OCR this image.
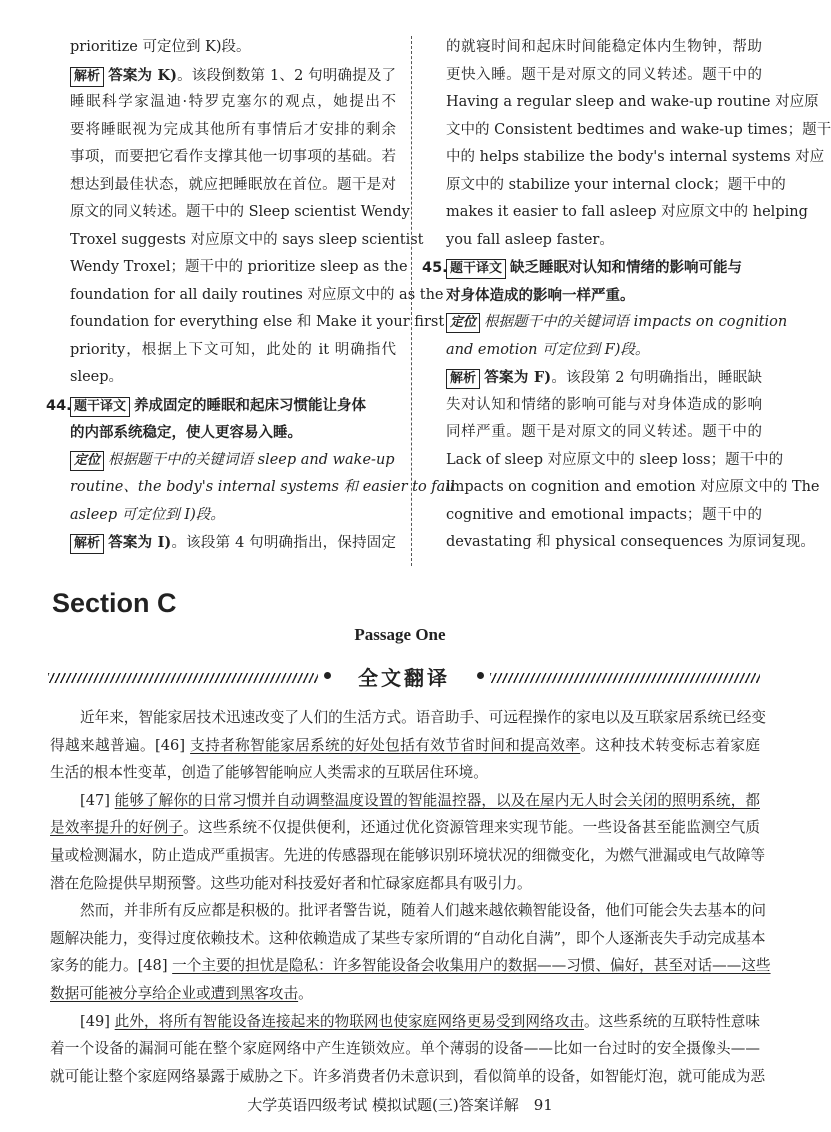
prioritize 可定位到 K)段。
解析 答案为 K)。该段倒数第 1、2 句明确提及了
睡眠科学家温迪·特罗克塞尔的观点，她提出不
要将睡眠视为完成其他所有事情后才安排的剩余
事项，而要把它看作支撑其他一切事项的基础。若
想达到最佳状态，就应把睡眠放在首位。题干是对
原文的同义转述。题干中的 Sleep scientist Wendy
Troxel suggests 对应原文中的 says sleep scientist
Wendy Troxel；题干中的 prioritize sleep as the
foundation for all daily routines 对应原文中的 as the
foundation for everything else 和 Make it your first
priority，根据上下文可知，此处的 it 明确指代
sleep。
44. 题干译文 养成固定的睡眠和起床习惯能让身体
的内部系统稳定，使人更容易入睡。
定位 根据题干中的关键词语 sleep and wake-up
routine、the body's internal systems 和 easier to fall
asleep 可定位到 I)段。
解析 答案为 I)。该段第 4 句明确指出，保持固定
的就寝时间和起床时间能稳定体内生物钟，帮助
更快入睡。题干是对原文的同义转述。题干中的
Having a regular sleep and wake-up routine 对应原
文中的 Consistent bedtimes and wake-up times；题干
中的 helps stabilize the body's internal systems 对应
原文中的 stabilize your internal clock；题干中的
makes it easier to fall asleep 对应原文中的 helping
you fall asleep faster。
45. 题干译文 缺乏睡眠对认知和情绪的影响可能与
对身体造成的影响一样严重。
定位 根据题干中的关键词语 impacts on cognition
and emotion 可定位到 F)段。
解析 答案为 F)。该段第 2 句明确指出，睡眠缺
失对认知和情绪的影响可能与对身体造成的影响
同样严重。题干是对原文的同义转述。题干中的
Lack of sleep 对应原文中的 sleep loss；题干中的
impacts on cognition and emotion 对应原文中的 The
cognitive and emotional impacts；题干中的
devastating 和 physical consequences 为原词复现。
Section C
Passage One
全文翻译
近年来，智能家居技术迅速改变了人们的生活方式。语音助手、可远程操作的家电以及互联家居系统已经变
得越来越普遍。[46] 支持者称智能家居系统的好处包括有效节省时间和提高效率。这种技术转变标志着家庭
生活的根本性变革，创造了能够智能响应人类需求的互联居住环境。
[47] 能够了解你的日常习惯并自动调整温度设置的智能温控器，以及在屋内无人时会关闭的照明系统，都
是效率提升的好例子。这些系统不仅提供便利，还通过优化资源管理来实现节能。一些设备甚至能监测空气质
量或检测漏水，防止造成严重损害。先进的传感器现在能够识别环境状况的细微变化，为燃气泄漏或电气故障等
潜在危险提供早期预警。这些功能对科技爱好者和忙碌家庭都具有吸引力。
然而，并非所有反应都是积极的。批评者警告说，随着人们越来越依赖智能设备，他们可能会失去基本的问
题解决能力，变得过度依赖技术。这种依赖造成了某些专家所谓的“自动化自满”，即个人逐渐丧失手动完成基本
家务的能力。[48] 一个主要的担忧是隐私：许多智能设备会收集用户的数据——习惯、偏好，甚至对话——这些
数据可能被分享给企业或遭到黑客攻击。
[49] 此外，将所有智能设备连接起来的物联网也使家庭网络更易受到网络攻击。这些系统的互联特性意味
着一个设备的漏洞可能在整个家庭网络中产生连锁效应。单个薄弱的设备——比如一台过时的安全摄像头——
就可能让整个家庭网络暴露于威胁之下。许多消费者仍未意识到，看似简单的设备，如智能灯泡，就可能成为恶
大学英语四级考试 模拟试题(三)答案详解　91
